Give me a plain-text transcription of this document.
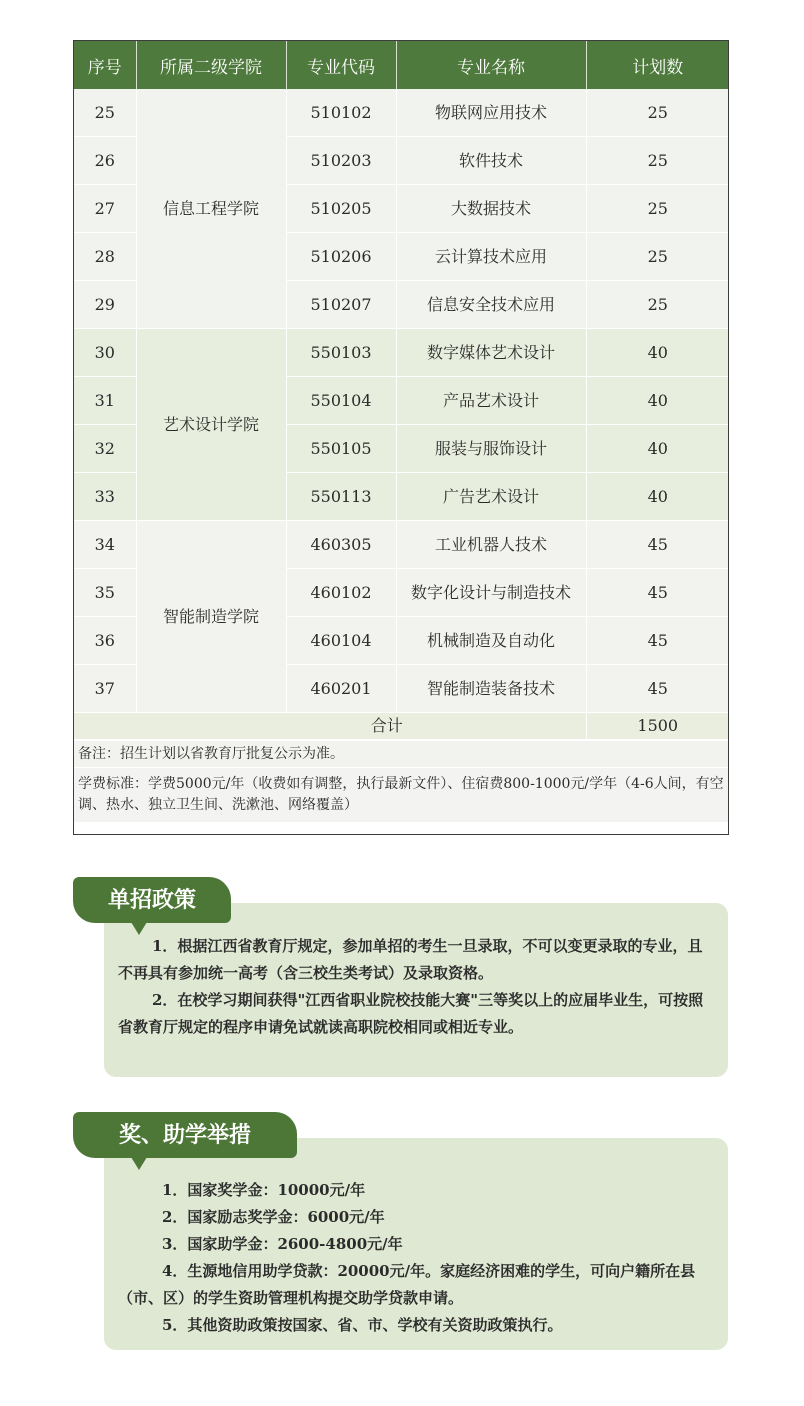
序号	所属二级学院	专业代码	专业名称	计划数
25	信息工程学院	510102	物联网应用技术	25
26		510203	软件技术	25
27		510205	大数据技术	25
28		510206	云计算技术应用	25
29		510207	信息安全技术应用	25
30	艺术设计学院	550103	数字媒体艺术设计	40
31		550104	产品艺术设计	40
32		550105	服装与服饰设计	40
33		550113	广告艺术设计	40
34	智能制造学院	460305	工业机器人技术	45
35		460102	数字化设计与制造技术	45
36		460104	机械制造及自动化	45
37		460201	智能制造装备技术	45
合计				1500
备注：招生计划以省教育厅批复公示为准。
学费标准：学费5000元/年（收费如有调整，执行最新文件）、住宿费800-1000元/学年（4-6人间，有空调、热水、独立卫生间、洗漱池、网络覆盖）

1．根据江西省教育厅规定，参加单招的考生一旦录取，不可以变更录取的专业，且不再具有参加统一高考（含三校生类考试）及录取资格。

2．在校学习期间获得"江西省职业院校技能大赛"三等奖以上的应届毕业生，可按照省教育厅规定的程序申请免试就读高职院校相同或相近专业。

单招政策

1．国家奖学金：10000元/年

2．国家励志奖学金：6000元/年

3．国家助学金：2600-4800元/年

4．生源地信用助学贷款：20000元/年。家庭经济困难的学生，可向户籍所在县（市、区）的学生资助管理机构提交助学贷款申请。

5．其他资助政策按国家、省、市、学校有关资助政策执行。

奖、助学举措
